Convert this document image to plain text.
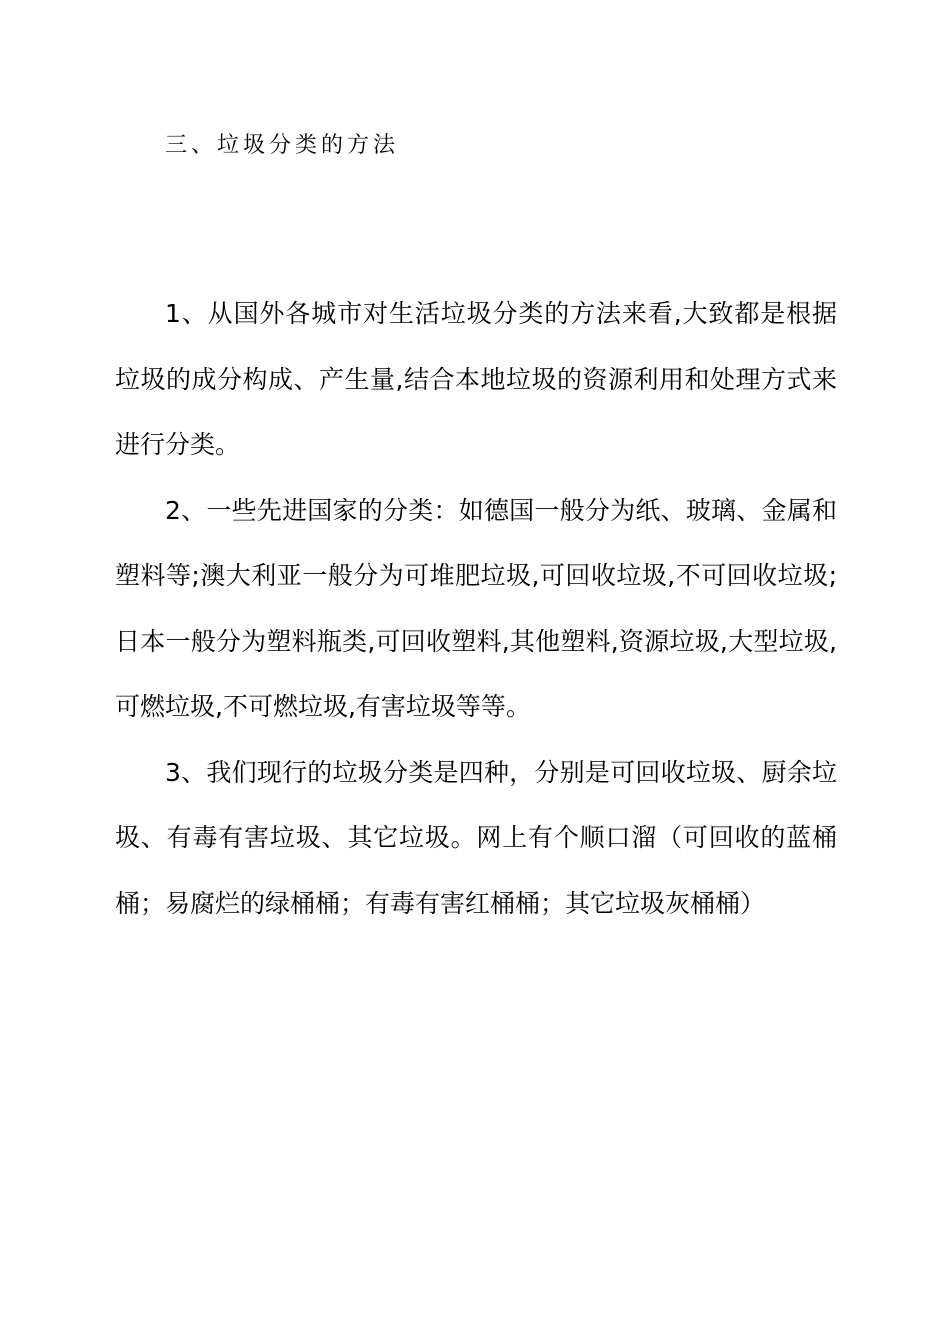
三、垃圾分类的方法

1、从国外各城市对生活垃圾分类的方法来看,大致都是根据垃圾的成分构成、产生量,结合本地垃圾的资源利用和处理方式来进行分类。

2、一些先进国家的分类：如德国一般分为纸、玻璃、金属和塑料等;澳大利亚一般分为可堆肥垃圾,可回收垃圾,不可回收垃圾;日本一般分为塑料瓶类,可回收塑料,其他塑料,资源垃圾,大型垃圾,可燃垃圾,不可燃垃圾,有害垃圾等等。

3、我们现行的垃圾分类是四种，分别是可回收垃圾、厨余垃圾、有毒有害垃圾、其它垃圾。网上有个顺口溜（可回收的蓝桶桶；易腐烂的绿桶桶；有毒有害红桶桶；其它垃圾灰桶桶）
